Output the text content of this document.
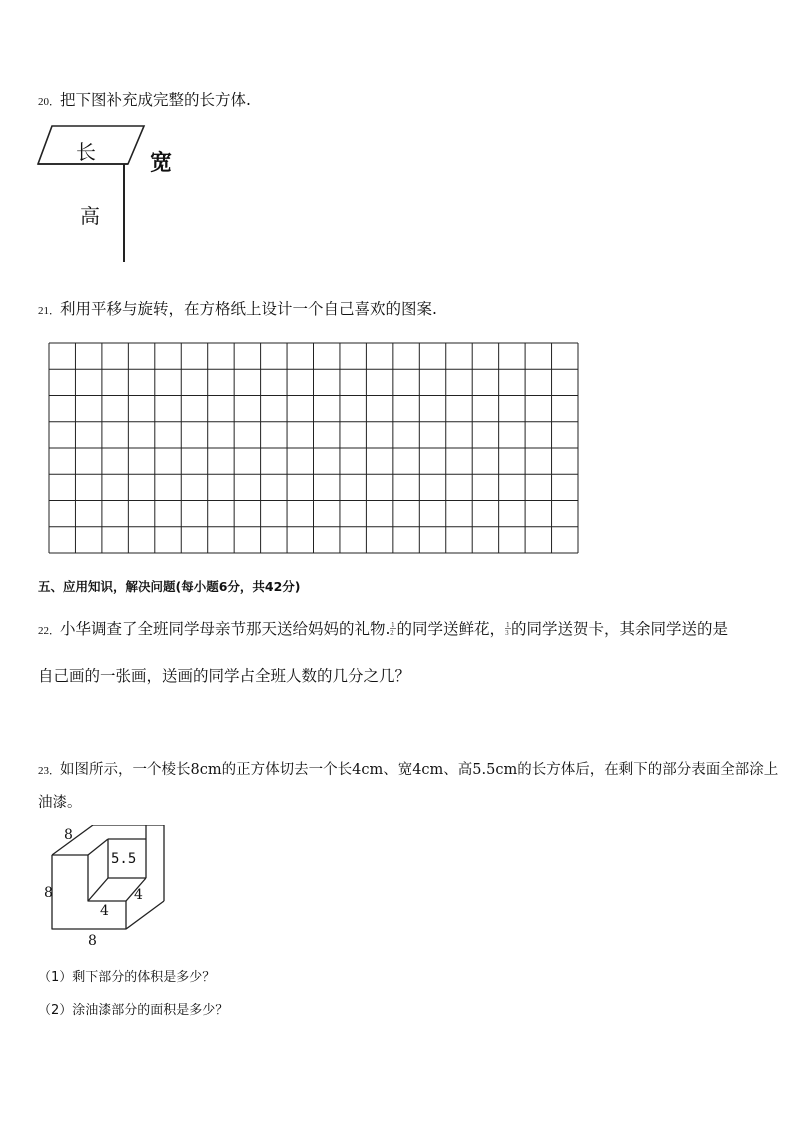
20．把下图补充成完整的长方体.
长 宽
高
21．利用平移与旋转，在方格纸上设计一个自己喜欢的图案.
五、应用知识，解决问题(每小题6分，共42分)
22．小华调查了全班同学母亲节那天送给妈妈的礼物. 1
2 的同学送鲜花， 1
3 的同学送贺卡，其余同学送的是
自己画的一张画，送画的同学占全班人数的几分之几？
23．如图所示，一个棱长8cm的正方体切去一个长4cm、宽4cm、高5.5cm的长方体后，在剩下的部分表面全部涂上
油漆。
8
8
8
5.5
4
4
（1）剩下部分的体积是多少？
（2）涂油漆部分的面积是多少？
